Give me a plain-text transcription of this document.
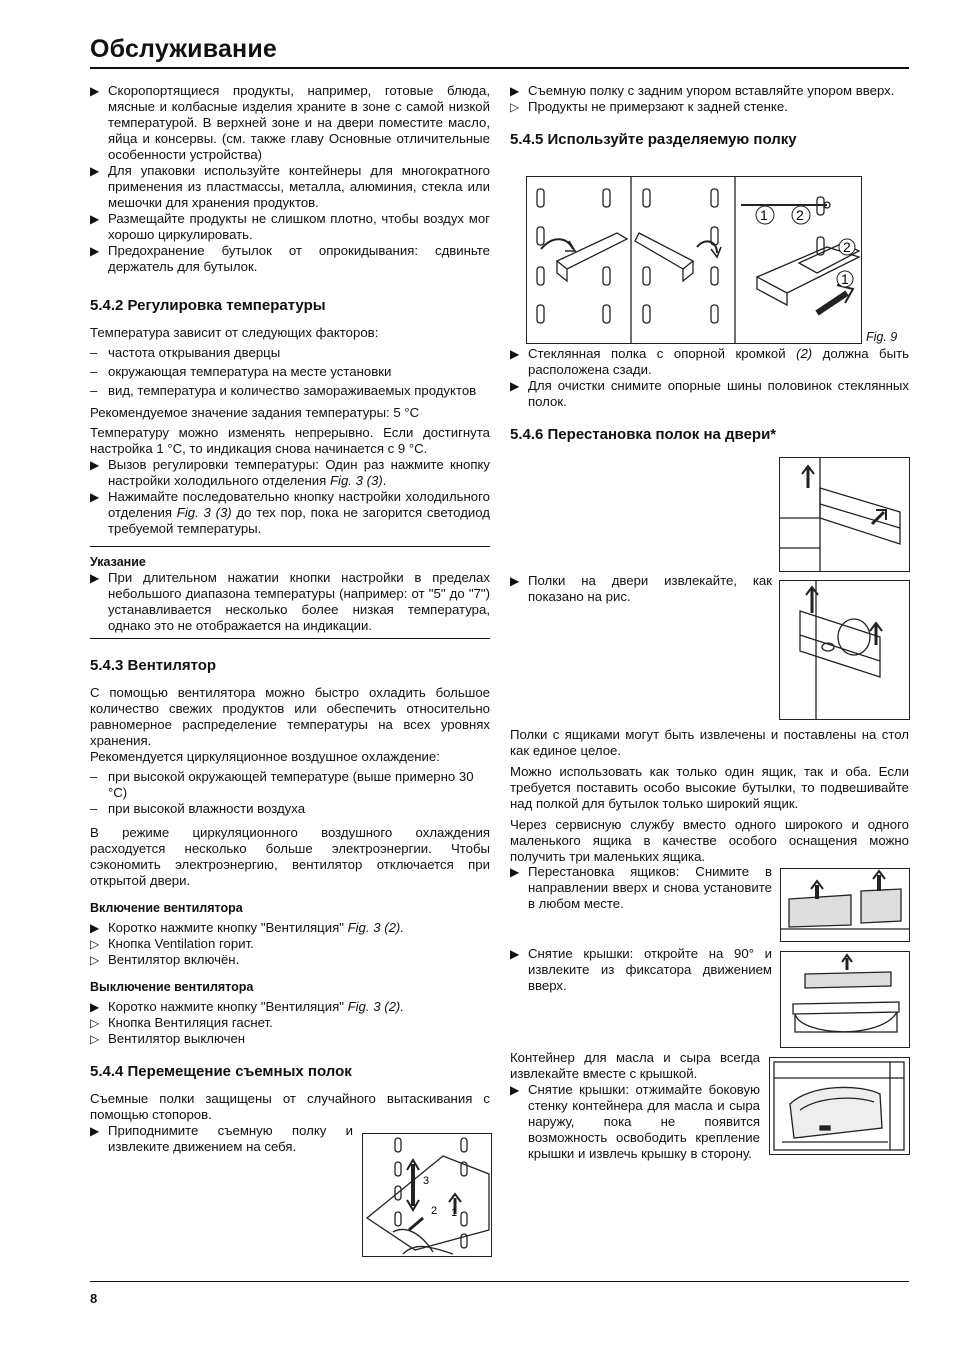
Обслуживание
▶ Скоропортящиеся продукты, например, готовые блюда, мясные и колбасные изделия храните в зоне с самой низкой температурой. В верхней зоне и на двери поместите масло, яйца и консервы. (см. также главу Основные отличительные особенности устройства)
▶ Для упаковки используйте контейнеры для многократного применения из пластмассы, металла, алюминия, стекла или мешочки для хранения продуктов.
▶ Размещайте продукты не слишком плотно, чтобы воздух мог хорошо циркулировать.
▶ Предохранение бутылок от опрокидывания: сдвиньте держатель для бутылок.
5.4.2 Регулировка температуры

Температура зависит от следующих факторов:

– частота открывания дверцы
– окружающая температура на месте установки
– вид, температура и количество замораживаемых продуктов

Рекомендуемое значение задания температуры: 5 °C

Температуру можно изменять непрерывно. Если достигнута настройка 1 °C, то индикация снова начинается с 9 °C.

▶ Вызов регулировки температуры: Один раз нажмите кнопку настройки холодильного отделения Fig. 3 (3).
▶ Нажимайте последовательно кнопку настройки холодильного отделения Fig. 3 (3) до тех пор, пока не загорится светодиод требуемой температуры.
Указание
▶ При длительном нажатии кнопки настройки в пределах небольшого диапазона температуры (например: от "5" до "7") устанавливается несколько более низкая температура, однако это не отображается на индикации.
5.4.3 Вентилятор

С помощью вентилятора можно быстро охладить большое количество свежих продуктов или обеспечить относительно равномерное распределение температуры на всех уровнях хранения.

Рекомендуется циркуляционное воздушное охлаждение:

– при высокой окружающей температуре (выше примерно 30 °C)
– при высокой влажности воздуха

В режиме циркуляционного воздушного охлаждения расходуется несколько больше электроэнергии. Чтобы сэкономить электроэнергию, вентилятор отключается при открытой двери.

Включение вентилятора
▶ Коротко нажмите кнопку "Вентиляция" Fig. 3 (2).
▷ Кнопка Ventilation горит.
▷ Вентилятор включён.
Выключение вентилятора
▶ Коротко нажмите кнопку "Вентиляция" Fig. 3 (2).
▷ Кнопка Вентиляция гаснет.
▷ Вентилятор выключен
5.4.4 Перемещение съемных полок

Съемные полки защищены от случайного вытаскивания с помощью стопоров.

▶ Приподнимите съемную полку и извлеките движением на себя.
3
2 1
▶ Съемную полку с задним упором вставляйте упором вверх.
▷ Продукты не примерзают к задней стенке.
5.4.5 Используйте разделяемую полку
1 2
2
1
Fig. 9
▶ Стеклянная полка с опорной кромкой (2) должна быть расположена сзади.
▶ Для очистки снимите опорные шины половинок стеклянных полок.
5.4.6 Перестановка полок на двери*
▶ Полки на двери извлекайте, как показано на рис.

Полки с ящиками могут быть извлечены и поставлены на стол как единое целое.

Можно использовать как только один ящик, так и оба. Если требуется поставить особо высокие бутылки, то подвешивайте над полкой для бутылок только широкий ящик.

Через сервисную службу вместо одного широкого и одного маленького ящика в качестве особого оснащения можно получить три маленьких ящика.

▶ Перестановка ящиков: Снимите в направлении вверх и снова установите в любом месте.
▶ Снятие крышки: откройте на 90° и извлеките из фиксатора движением вверх.

Контейнер для масла и сыра всегда извлекайте вместе с крышкой.

▶ Снятие крышки: отжимайте боковую стенку контейнера для масла и сыра наружу, пока не появится возможность освободить крепление крышки и извлечь крышку в сторону.
8
